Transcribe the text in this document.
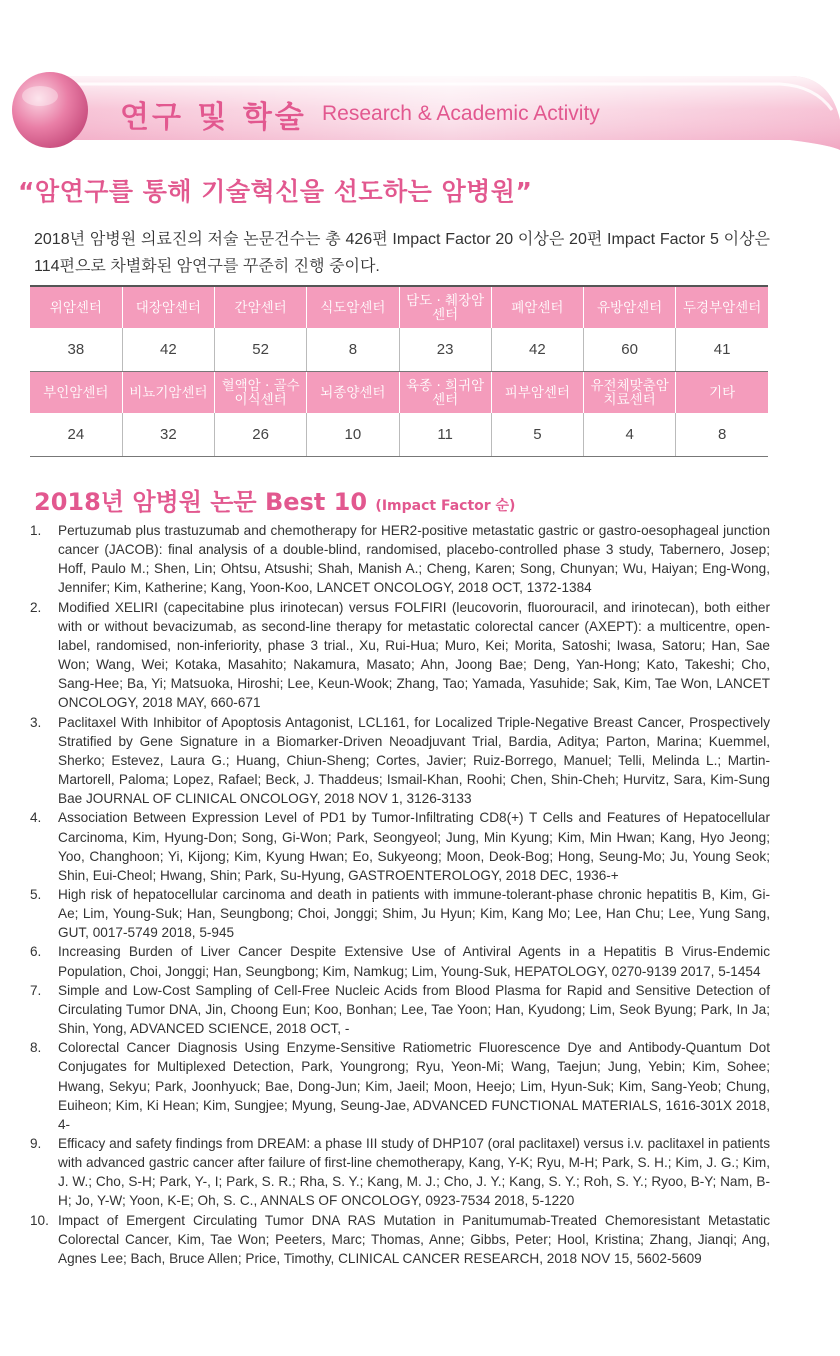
연구 및 학술 Research & Academic Activity
“암연구를 통해 기술혁신을 선도하는 암병원”
2018년 암병원 의료진의 저술 논문건수는 총 426편 Impact Factor 20 이상은 20편 Impact Factor 5 이상은 114편으로 차별화된 암연구를 꾸준히 진행 중이다.
위암센터	대장암센터	간암센터	식도암센터	담도 · 췌장암 센터	폐암센터	유방암센터	두경부암센터
38	42	52	8	23	42	60	41
부인암센터	비뇨기암센터	혈액암 · 골수 이식센터	뇌종양센터	육종 · 희귀암 센터	피부암센터	유전체맞춤암 치료센터	기타
24	32	26	10	11	5	4	8
2018년 암병원 논문 Best 10 (Impact Factor 순)
1. Pertuzumab plus trastuzumab and chemotherapy for HER2-positive metastatic gastric or gastro-oesophageal junction cancer (JACOB): final analysis of a double-blind, randomised, placebo-controlled phase 3 study, Tabernero, Josep; Hoff, Paulo M.; Shen, Lin; Ohtsu, Atsushi; Shah, Manish A.; Cheng, Karen; Song, Chunyan; Wu, Haiyan; Eng-Wong, Jennifer; Kim, Katherine; Kang, Yoon-Koo, LANCET ONCOLOGY, 2018 OCT, 1372-1384
2. Modified XELIRI (capecitabine plus irinotecan) versus FOLFIRI (leucovorin, fluorouracil, and irinotecan), both either with or without bevacizumab, as second-line therapy for metastatic colorectal cancer (AXEPT): a multicentre, open-label, randomised, non-inferiority, phase 3 trial., Xu, Rui-Hua; Muro, Kei; Morita, Satoshi; Iwasa, Satoru; Han, Sae Won; Wang, Wei; Kotaka, Masahito; Nakamura, Masato; Ahn, Joong Bae; Deng, Yan-Hong; Kato, Takeshi; Cho, Sang-Hee; Ba, Yi; Matsuoka, Hiroshi; Lee, Keun-Wook; Zhang, Tao; Yamada, Yasuhide; Sak, Kim, Tae Won, LANCET ONCOLOGY, 2018 MAY, 660-671
3. Paclitaxel With Inhibitor of Apoptosis Antagonist, LCL161, for Localized Triple-Negative Breast Cancer, Prospectively Stratified by Gene Signature in a Biomarker-Driven Neoadjuvant Trial, Bardia, Aditya; Parton, Marina; Kuemmel, Sherko; Estevez, Laura G.; Huang, Chiun-Sheng; Cortes, Javier; Ruiz-Borrego, Manuel; Telli, Melinda L.; Martin-Martorell, Paloma; Lopez, Rafael; Beck, J. Thaddeus; Ismail-Khan, Roohi; Chen, Shin-Cheh; Hurvitz, Sara, Kim-Sung Bae JOURNAL OF CLINICAL ONCOLOGY, 2018 NOV 1, 3126-3133
4. Association Between Expression Level of PD1 by Tumor-Infiltrating CD8(+) T Cells and Features of Hepatocellular Carcinoma, Kim, Hyung-Don; Song, Gi-Won; Park, Seongyeol; Jung, Min Kyung; Kim, Min Hwan; Kang, Hyo Jeong; Yoo, Changhoon; Yi, Kijong; Kim, Kyung Hwan; Eo, Sukyeong; Moon, Deok-Bog; Hong, Seung-Mo; Ju, Young Seok; Shin, Eui-Cheol; Hwang, Shin; Park, Su-Hyung, GASTROENTEROLOGY, 2018 DEC, 1936-+
5. High risk of hepatocellular carcinoma and death in patients with immune-tolerant-phase chronic hepatitis B, Kim, Gi-Ae; Lim, Young-Suk; Han, Seungbong; Choi, Jonggi; Shim, Ju Hyun; Kim, Kang Mo; Lee, Han Chu; Lee, Yung Sang, GUT, 0017-5749 2018, 5-945
6. Increasing Burden of Liver Cancer Despite Extensive Use of Antiviral Agents in a Hepatitis B Virus-Endemic Population, Choi, Jonggi; Han, Seungbong; Kim, Namkug; Lim, Young-Suk, HEPATOLOGY, 0270-9139 2017, 5-1454
7. Simple and Low-Cost Sampling of Cell-Free Nucleic Acids from Blood Plasma for Rapid and Sensitive Detection of Circulating Tumor DNA, Jin, Choong Eun; Koo, Bonhan; Lee, Tae Yoon; Han, Kyudong; Lim, Seok Byung; Park, In Ja; Shin, Yong, ADVANCED SCIENCE, 2018 OCT, -
8. Colorectal Cancer Diagnosis Using Enzyme-Sensitive Ratiometric Fluorescence Dye and Antibody-Quantum Dot Conjugates for Multiplexed Detection, Park, Youngrong; Ryu, Yeon-Mi; Wang, Taejun; Jung, Yebin; Kim, Sohee; Hwang, Sekyu; Park, Joonhyuck; Bae, Dong-Jun; Kim, Jaeil; Moon, Heejo; Lim, Hyun-Suk; Kim, Sang-Yeob; Chung, Euiheon; Kim, Ki Hean; Kim, Sungjee; Myung, Seung-Jae, ADVANCED FUNCTIONAL MATERIALS, 1616-301X 2018, 4-
9. Efficacy and safety findings from DREAM: a phase III study of DHP107 (oral paclitaxel) versus i.v. paclitaxel in patients with advanced gastric cancer after failure of first-line chemotherapy, Kang, Y-K; Ryu, M-H; Park, S. H.; Kim, J. G.; Kim, J. W.; Cho, S-H; Park, Y-, I; Park, S. R.; Rha, S. Y.; Kang, M. J.; Cho, J. Y.; Kang, S. Y.; Roh, S. Y.; Ryoo, B-Y; Nam, B-H; Jo, Y-W; Yoon, K-E; Oh, S. C., ANNALS OF ONCOLOGY, 0923-7534 2018, 5-1220
10. Impact of Emergent Circulating Tumor DNA RAS Mutation in Panitumumab-Treated Chemoresistant Metastatic Colorectal Cancer, Kim, Tae Won; Peeters, Marc; Thomas, Anne; Gibbs, Peter; Hool, Kristina; Zhang, Jianqi; Ang, Agnes Lee; Bach, Bruce Allen; Price, Timothy, CLINICAL CANCER RESEARCH, 2018 NOV 15, 5602-5609
